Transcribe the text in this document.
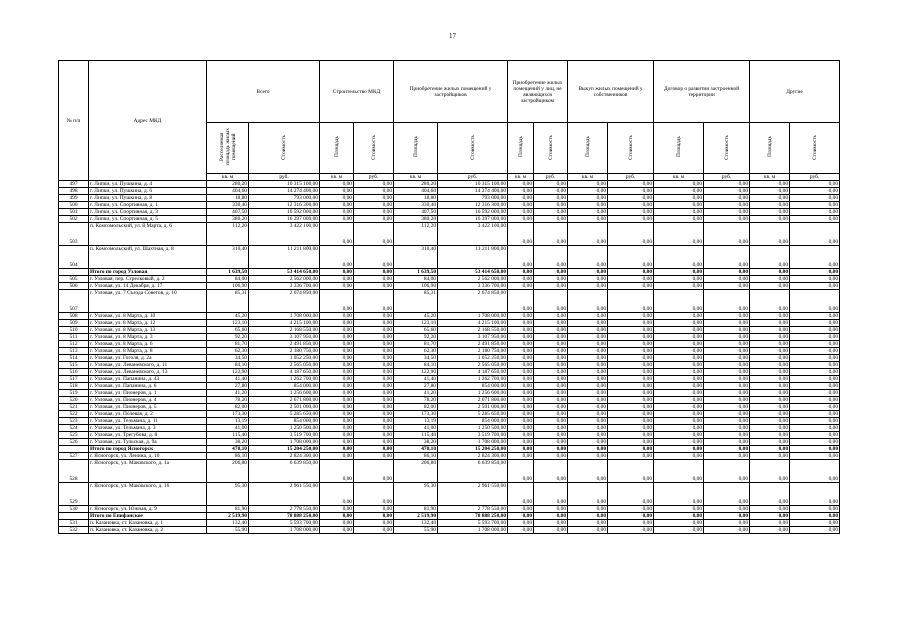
17
№ п/п	Адрес МКД	Всего		Строительство МКД		Приобретение жилых помещений у застройщиков		Приобретение жилых помещений у лиц, не являющихся застройщиком		Выкуп жилых помещений у собственников		Договор о развитии застроенной территории		Другие	
		Расселяемая площадь жилых помещений	Стоимость	Площадь	Стоимость	Площадь	Стоимость	Площадь	Стоимость	Площадь	Стоимость	Площадь	Стоимость	Площадь	Стоимость
		кв. м	руб.	кв. м	руб.	кв. м	руб.	кв. м	руб.	кв. м	руб.	кв. м	руб.	кв. м	руб.
497	г. Липки, ул. Пушкина, д. 4	280,20	10 315 100,00	0,00	0,00	280,20	10 315 100,00	0,00	0,00	0,00	0,00	0,00	0,00	0,00	0,00
498	г. Липки, ул. Пушкина, д. 6	404,60	14 274 400,00	0,00	0,00	404,60	14 274 400,00	0,00	0,00	0,00	0,00	0,00	0,00	0,00	0,00
499	г. Липки, ул. Пушкина, д. 8	18,80	793 000,00	0,00	0,00	18,80	793 000,00	0,00	0,00	0,00	0,00	0,00	0,00	0,00	0,00
500	г. Липки, ул. Спортивная, д. 1	330,40	12 316 300,00	0,00	0,00	330,40	12 316 300,00	0,00	0,00	0,00	0,00	0,00	0,00	0,00	0,00
501	г. Липки, ул. Спортивная, д. 3	407,50	16 592 000,00	0,00	0,00	407,50	16 592 000,00	0,00	0,00	0,00	0,00	0,00	0,00	0,00	0,00
502	г. Липки, ул. Спортивная, д. 5	380,20	16 397 000,00	0,00	0,00	380,20	16 397 000,00	0,00	0,00	0,00	0,00	0,00	0,00	0,00	0,00
503	п. Комсомольский, ул. 8 Марта, д. 6	112,20	3 422 100,00	0,00	0,00	112,20	3 422 100,00	0,00	0,00	0,00	0,00	0,00	0,00	0,00	0,00
504	п. Комсомольский, ул. Шахтная, д. 8	310,40	11 211 800,00	0,00	0,00	310,40	11 211 800,00	0,00	0,00	0,00	0,00	0,00	0,00	0,00	0,00
	Итого по город Узловая	1 639,50	53 414 650,00	0,00	0,00	1 639,50	53 414 650,00	0,00	0,00	0,00	0,00	0,00	0,00	0,00	0,00
505	г. Узловая, пер. Стрелковый, д. 2	84,00	2 562 000,00	0,00	0,00	84,00	2 562 000,00	0,00	0,00	0,00	0,00	0,00	0,00	0,00	0,00
506	г. Узловая, ул. 14 Декабря, д. 17	106,90	3 336 700,00	0,00	0,00	106,90	3 336 700,00	0,00	0,00	0,00	0,00	0,00	0,00	0,00	0,00
507	г. Узловая, ул. 7 Съезда Советов, д. 10	85,31	2 674 850,00	0,00	0,00	85,31	2 674 850,00	0,00	0,00	0,00	0,00	0,00	0,00	0,00	0,00
508	г. Узловая, ул. 8 Марта, д. 10	45,20	1 708 000,00	0,00	0,00	45,20	1 708 000,00	0,00	0,00	0,00	0,00	0,00	0,00	0,00	0,00
509	г. Узловая, ул. 8 Марта, д. 12	123,10	4 215 100,00	0,00	0,00	123,10	4 215 100,00	0,00	0,00	0,00	0,00	0,00	0,00	0,00	0,00
510	г. Узловая, ул. 8 Марта, д. 13	65,60	2 168 550,00	0,00	0,00	65,60	2 168 550,00	0,00	0,00	0,00	0,00	0,00	0,00	0,00	0,00
511	г. Узловая, ул. 8 Марта, д. 3	92,20	3 107 950,00	0,00	0,00	92,20	3 107 950,00	0,00	0,00	0,00	0,00	0,00	0,00	0,00	0,00
512	г. Узловая, ул. 8 Марта, д. 6	81,70	2 491 850,00	0,00	0,00	81,70	2 491 850,00	0,00	0,00	0,00	0,00	0,00	0,00	0,00	0,00
513	г. Узловая, ул. 8 Марта, д. 8	62,30	2 180 750,00	0,00	0,00	62,30	2 180 750,00	0,00	0,00	0,00	0,00	0,00	0,00	0,00	0,00
514	г. Узловая, ул. Гоголя, д. 2а	34,50	1 052 250,00	0,00	0,00	34,50	1 052 250,00	0,00	0,00	0,00	0,00	0,00	0,00	0,00	0,00
515	г. Узловая, ул. Леваневского, д. 11	84,10	2 565 050,00	0,00	0,00	84,10	2 565 050,00	0,00	0,00	0,00	0,00	0,00	0,00	0,00	0,00
516	г. Узловая, ул. Леваневского, д. 13	122,90	4 187 650,00	0,00	0,00	122,90	4 187 650,00	0,00	0,00	0,00	0,00	0,00	0,00	0,00	0,00
517	г. Узловая, ул. Папанина, д. 43	41,40	1 262 700,00	0,00	0,00	41,40	1 262 700,00	0,00	0,00	0,00	0,00	0,00	0,00	0,00	0,00
518	г. Узловая, ул. Папанина, д. 6	27,80	854 000,00	0,00	0,00	27,80	854 000,00	0,00	0,00	0,00	0,00	0,00	0,00	0,00	0,00
519	г. Узловая, ул. Пионеров, д. 1	41,20	1 256 600,00	0,00	0,00	41,20	1 256 600,00	0,00	0,00	0,00	0,00	0,00	0,00	0,00	0,00
520	г. Узловая, ул. Пионеров, д. 4	78,20	2 671 800,00	0,00	0,00	78,20	2 671 800,00	0,00	0,00	0,00	0,00	0,00	0,00	0,00	0,00
521	г. Узловая, ул. Пионеров, д. 5	82,00	2 501 000,00	0,00	0,00	82,00	2 501 000,00	0,00	0,00	0,00	0,00	0,00	0,00	0,00	0,00
522	г. Узловая, ул. Полевая, д. 2	173,30	5 285 650,00	0,00	0,00	173,30	5 285 650,00	0,00	0,00	0,00	0,00	0,00	0,00	0,00	0,00
523	г. Узловая, ул. Тельмана, д. 11	13,19	854 000,00	0,00	0,00	13,19	854 000,00	0,00	0,00	0,00	0,00	0,00	0,00	0,00	0,00
524	г. Узловая, ул. Тельмана, д. 3	41,00	1 250 500,00	0,00	0,00	41,00	1 250 500,00	0,00	0,00	0,00	0,00	0,00	0,00	0,00	0,00
525	г. Узловая, ул. Трегубова, д. 8	115,40	3 519 700,00	0,00	0,00	115,40	3 519 700,00	0,00	0,00	0,00	0,00	0,00	0,00	0,00	0,00
526	г. Узловая, ул. Тульская, д. 9а	38,20	1 708 000,00	0,00	0,00	38,20	1 708 000,00	0,00	0,00	0,00	0,00	0,00	0,00	0,00	0,00
	Итого по город Ясногорск	470,10	15 204 250,00	0,00	0,00	470,10	15 204 250,00	0,00	0,00	0,00	0,00	0,00	0,00	0,00	0,00
527	г. Ясногорск, ул. Ленина, д. 10	86,10	2 824 300,00	0,00	0,00	86,10	2 824 300,00	0,00	0,00	0,00	0,00	0,00	0,00	0,00	0,00
528	г. Ясногорск, ул. Маковского, д. 1а	206,80	6 639 850,00	0,00	0,00	206,80	6 639 850,00	0,00	0,00	0,00	0,00	0,00	0,00	0,00	0,00
529	г. Ясногорск, ул. Маковского, д. 16	95,30	2 961 550,00	0,00	0,00	95,30	2 961 550,00	0,00	0,00	0,00	0,00	0,00	0,00	0,00	0,00
530	г. Ясногорск, ул. Южная, д. 9	81,90	2 778 550,00	0,00	0,00	81,90	2 778 550,00	0,00	0,00	0,00	0,00	0,00	0,00	0,00	0,00
	Итого по Епифанское	2 519,90	78 888 250,00	0,00	0,00	2 519,90	78 888 250,00	0,00	0,00	0,00	0,00	0,00	0,00	0,00	0,00
531	п. Казановка, ст. Казановка, д. 1	132,40	5 593 700,00	0,00	0,00	132,40	5 593 700,00	0,00	0,00	0,00	0,00	0,00	0,00	0,00	0,00
532	п. Казановка, ст. Казановка, д. 2	55,90	1 708 000,00	0,00	0,00	55,90	1 708 000,00	0,00	0,00	0,00	0,00	0,00	0,00	0,00	0,00
